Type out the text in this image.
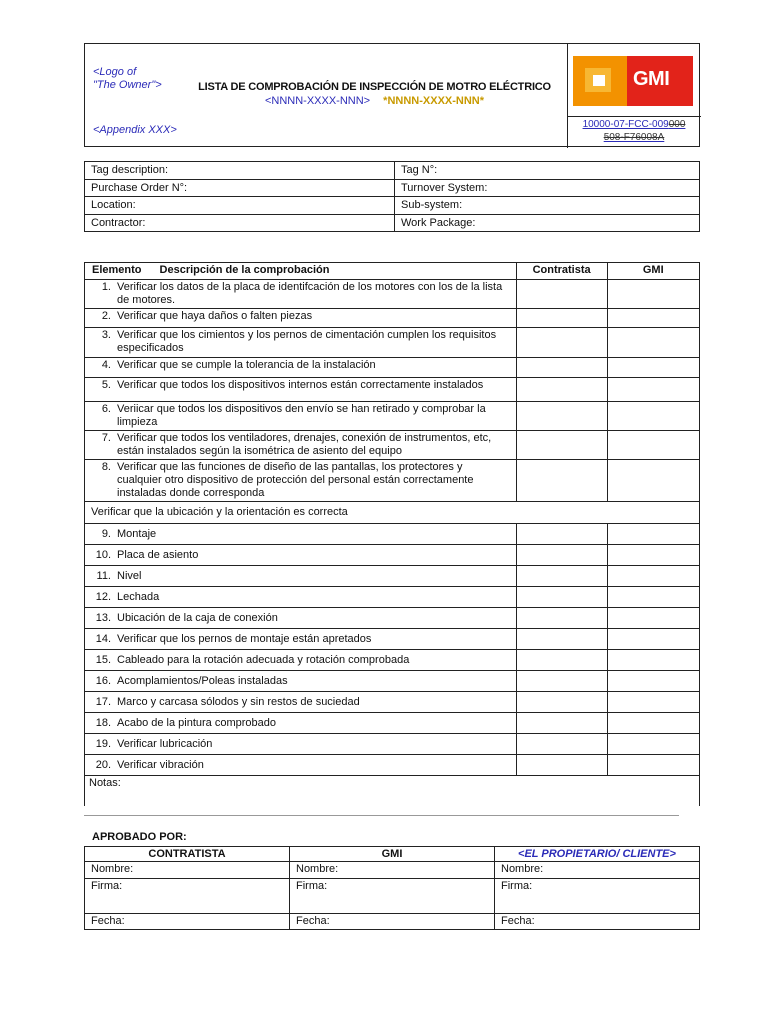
<Logo of
"The Owner">
<Appendix XXX>
LISTA DE COMPROBACIÓN DE INSPECCIÓN DE MOTRO ELÉCTRICO
<NNNN-XXXX-NNN> *NNNN-XXXX-NNN*
GMI
10000-07-FCC-009000
508-F76008A
Tag description:	Tag N°:
Purchase Order N°:	Turnover System:
Location:	Sub-system:
Contractor:	Work Package:
Elemento Descripción de la comprobación	Contratista	GMI
1. Verificar los datos de la placa de identifcación de los motores con los de la lista de motores.		
2. Verificar que haya daños o falten piezas		
3. Verificar que los cimientos y los pernos de cimentación cumplen los requisitos especificados		
4. Verificar que se cumple la tolerancia de la instalación		
5. Verificar que todos los dispositivos internos están correctamente instalados		
6. Veriicar que todos los dispositivos den envío se han retirado y comprobar la limpieza		
7. Verificar que todos los ventiladores, drenajes, conexión de instrumentos, etc, están instalados según la isométrica de asiento del equipo		
8. Verificar que las funciones de diseño de las pantallas, los protectores y cualquier otro dispositivo de protección del personal están correctamente instaladas donde corresponda		
Verificar que la ubicación y la orientación es correcta		
9. Montaje		
10. Placa de asiento		
11. Nivel		
12. Lechada		
13. Ubicación de la caja de conexión		
14. Verificar que los pernos de montaje están apretados		
15. Cableado para la rotación adecuada y rotación comprobada		
16. Acomplamientos/Poleas instaladas		
17. Marco y carcasa sólodos y sin restos de suciedad		
18. Acabo de la pintura comprobado		
19. Verificar lubricación		
20. Verificar vibración		
Notas:		
APROBADO POR:
CONTRATISTA	GMI	<EL PROPIETARIO/ CLIENTE>
Nombre:	Nombre:	Nombre:
Firma:	Firma:	Firma:
Fecha:	Fecha:	Fecha:
